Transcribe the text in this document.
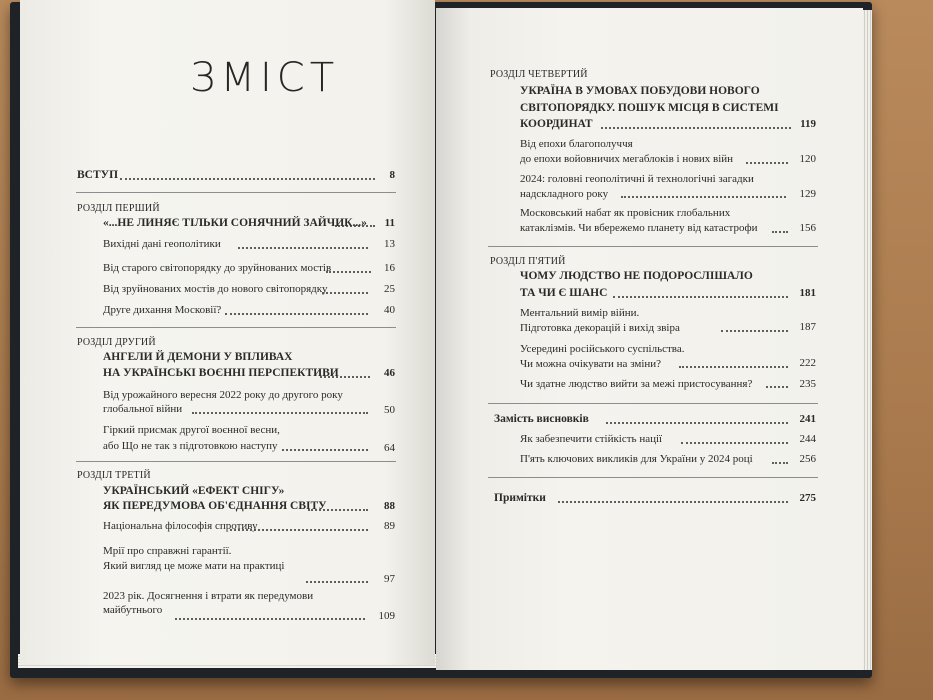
ЗМІСТ
ВСТУП	8
РОЗДІЛ ПЕРШИЙ
«...НЕ ЛИНЯЄ ТІЛЬКИ СОНЯЧНИЙ ЗАЙЧИК...»	11
Вихідні дані геополітики	13
Від старого світопорядку до зруйнованих мостів	16
Від зруйнованих мостів до нового світопорядку	25
Друге дихання Московії?	40
РОЗДІЛ ДРУГИЙ
АНГЕЛИ Й ДЕМОНИ У ВПЛИВАХ
НА УКРАЇНСЬКІ ВОЄННІ ПЕРСПЕКТИВИ	46
Від урожайного вересня 2022 року до другого року
глобальної війни	50
Гіркий присмак другої воєнної весни,
або Що не так з підготовкою наступу	64
РОЗДІЛ ТРЕТІЙ
УКРАЇНСЬКИЙ «ЕФЕКТ СНІГУ»
ЯК ПЕРЕДУМОВА ОБ'ЄДНАННЯ СВІТУ	88
Національна філософія спротиву	89
Мрії про справжні гарантії.
Який вигляд це може мати на практиці
97
2023 рік. Досягнення і втрати як передумови
майбутнього	109
РОЗДІЛ ЧЕТВЕРТИЙ
УКРАЇНА В УМОВАХ ПОБУДОВИ НОВОГО
СВІТОПОРЯДКУ. ПОШУК МІСЦЯ В СИСТЕМІ
КООРДИНАТ	119
Від епохи благополуччя
до епохи войовничих мегаблоків і нових війн	120
2024: головні геополітичні й технологічні загадки
надскладного року	129
Московський набат як провісник глобальних
катаклізмів. Чи вбережемо планету від катастрофи	156
РОЗДІЛ П'ЯТИЙ
ЧОМУ ЛЮДСТВО НЕ ПОДОРОСЛІШАЛО
ТА ЧИ Є ШАНС	181
Ментальний вимір війни.
Підготовка декорацій і вихід звіра	187
Усередині російського суспільства.
Чи можна очікувати на зміни?	222
Чи здатне людство вийти за межі пристосування?	235
Замість висновків	241
Як забезпечити стійкість нації	244
П'ять ключових викликів для України у 2024 році	256
Примітки	275
